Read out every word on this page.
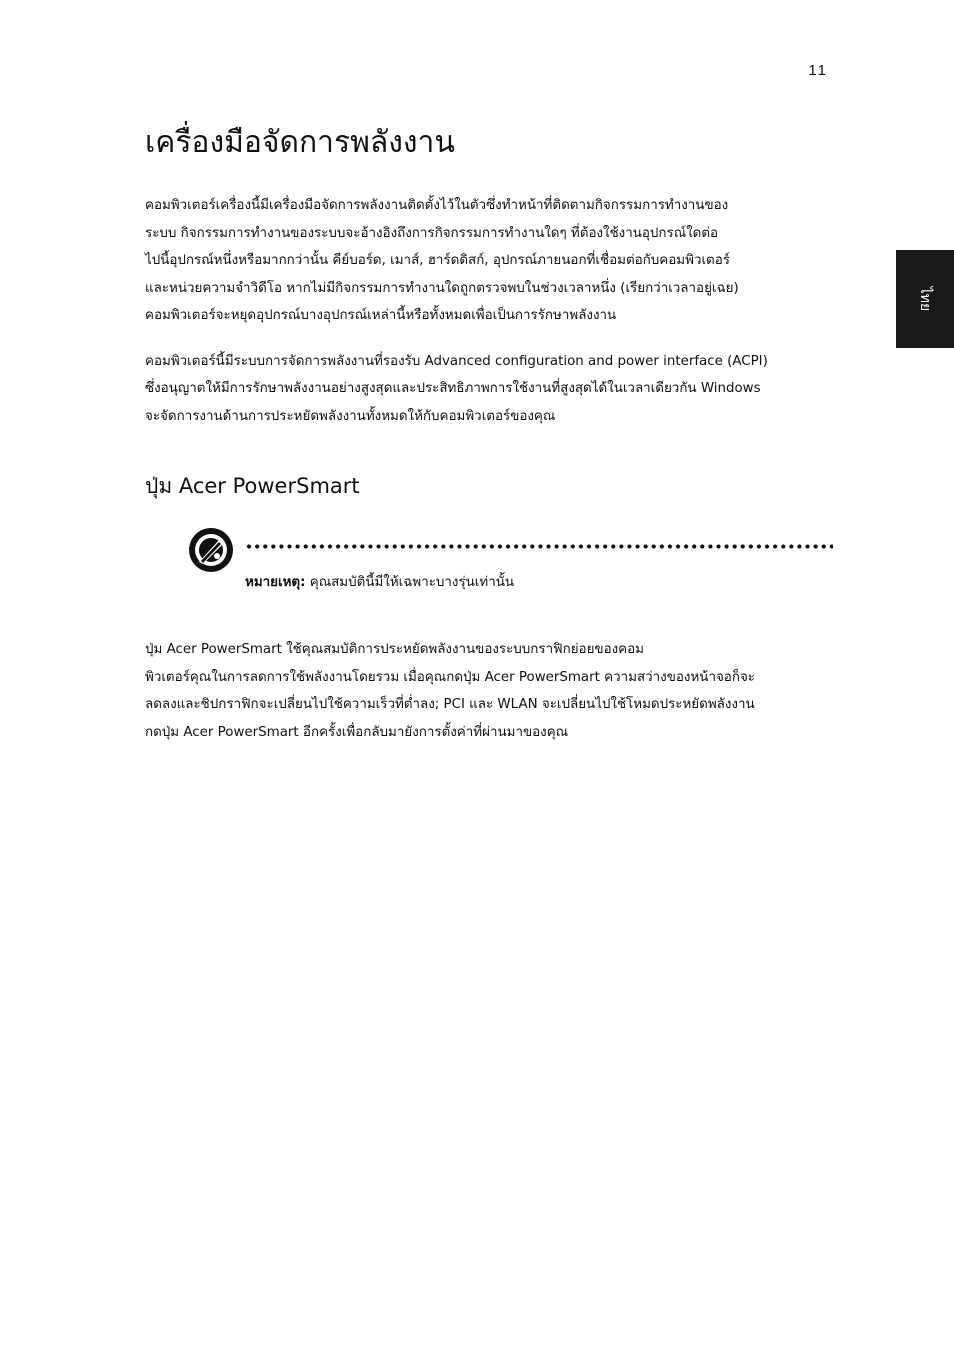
11
ไทย
เครื่องมือจัดการพลังงาน

คอมพิวเตอร์เครื่องนี้มีเครื่องมือจัดการพลังงานติดตั้งไว้ในตัวซึ่งทำหน้าที่ติดตามกิจกรรมการทำงานของ
ระบบ กิจกรรมการทำงานของระบบจะอ้างอิงถึงการกิจกรรมการทำงานใดๆ ที่ต้องใช้งานอุปกรณ์ใดต่อ
ไปนี้อุปกรณ์หนึ่งหรือมากกว่านั้น คีย์บอร์ด, เมาส์, ฮาร์ดดิสก์, อุปกรณ์ภายนอกที่เชื่อมต่อกับคอมพิวเตอร์
และหน่วยความจำวิดีโอ หากไม่มีกิจกรรมการทำงานใดถูกตรวจพบในช่วงเวลาหนึ่ง (เรียกว่าเวลาอยู่เฉย)
คอมพิวเตอร์จะหยุดอุปกรณ์บางอุปกรณ์เหล่านี้หรือทั้งหมดเพื่อเป็นการรักษาพลังงาน

คอมพิวเตอร์นี้มีระบบการจัดการพลังงานที่รองรับ Advanced configuration and power interface (ACPI)
ซึ่งอนุญาตให้มีการรักษาพลังงานอย่างสูงสุดและประสิทธิภาพการใช้งานที่สูงสุดได้ในเวลาเดียวกัน Windows
จะจัดการงานด้านการประหยัดพลังงานทั้งหมดให้กับคอมพิวเตอร์ของคุณ

ปุ่ม Acer PowerSmart
หมายเหตุ: คุณสมบัตินี้มีให้เฉพาะบางรุ่นเท่านั้น

ปุ่ม Acer PowerSmart ใช้คุณสมบัติการประหยัดพลังงานของระบบกราฟิกย่อยของคอม
พิวเตอร์คุณในการลดการใช้พลังงานโดยรวม เมื่อคุณกดปุ่ม Acer PowerSmart ความสว่างของหน้าจอก็จะ
ลดลงและชิปกราฟิกจะเปลี่ยนไปใช้ความเร็วที่ต่ำลง; PCI และ WLAN จะเปลี่ยนไปใช้โหมดประหยัดพลังงาน
กดปุ่ม Acer PowerSmart อีกครั้งเพื่อกลับมายังการตั้งค่าที่ผ่านมาของคุณ
